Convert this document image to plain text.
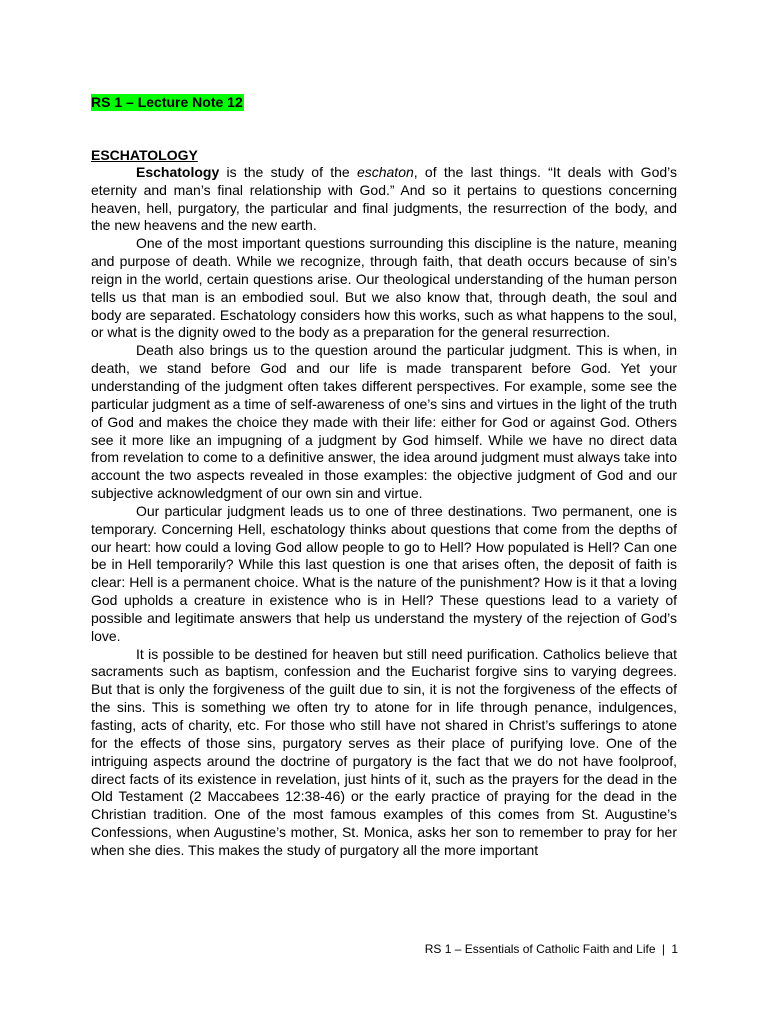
RS 1 – Lecture Note 12
ESCHATOLOGY

Eschatology is the study of the eschaton, of the last things. “It deals with God’s eternity and man’s final relationship with God.” And so it pertains to questions concerning heaven, hell, purgatory, the particular and final judgments, the resurrection of the body, and the new heavens and the new earth.

One of the most important questions surrounding this discipline is the nature, meaning and purpose of death. While we recognize, through faith, that death occurs because of sin’s reign in the world, certain questions arise. Our theological understanding of the human person tells us that man is an embodied soul. But we also know that, through death, the soul and body are separated. Eschatology considers how this works, such as what happens to the soul, or what is the dignity owed to the body as a preparation for the general resurrection.

Death also brings us to the question around the particular judgment. This is when, in death, we stand before God and our life is made transparent before God. Yet your understanding of the judgment often takes different perspectives. For example, some see the particular judgment as a time of self-awareness of one’s sins and virtues in the light of the truth of God and makes the choice they made with their life: either for God or against God. Others see it more like an impugning of a judgment by God himself. While we have no direct data from revelation to come to a definitive answer, the idea around judgment must always take into account the two aspects revealed in those examples: the objective judgment of God and our subjective acknowledgment of our own sin and virtue.

Our particular judgment leads us to one of three destinations. Two permanent, one is temporary. Concerning Hell, eschatology thinks about questions that come from the depths of our heart: how could a loving God allow people to go to Hell? How populated is Hell? Can one be in Hell temporarily? While this last question is one that arises often, the deposit of faith is clear: Hell is a permanent choice. What is the nature of the punishment? How is it that a loving God upholds a creature in existence who is in Hell? These questions lead to a variety of possible and legitimate answers that help us understand the mystery of the rejection of God’s love.

It is possible to be destined for heaven but still need purification. Catholics believe that sacraments such as baptism, confession and the Eucharist forgive sins to varying degrees. But that is only the forgiveness of the guilt due to sin, it is not the forgiveness of the effects of the sins. This is something we often try to atone for in life through penance, indulgences, fasting, acts of charity, etc. For those who still have not shared in Christ’s sufferings to atone for the effects of those sins, purgatory serves as their place of purifying love. One of the intriguing aspects around the doctrine of purgatory is the fact that we do not have foolproof, direct facts of its existence in revelation, just hints of it, such as the prayers for the dead in the Old Testament (2 Maccabees 12:38-46) or the early practice of praying for the dead in the Christian tradition. One of the most famous examples of this comes from St. Augustine’s Confessions, when Augustine’s mother, St. Monica, asks her son to remember to pray for her when she dies. This makes the study of purgatory all the more important

RS 1 – Essentials of Catholic Faith and Life | 1
